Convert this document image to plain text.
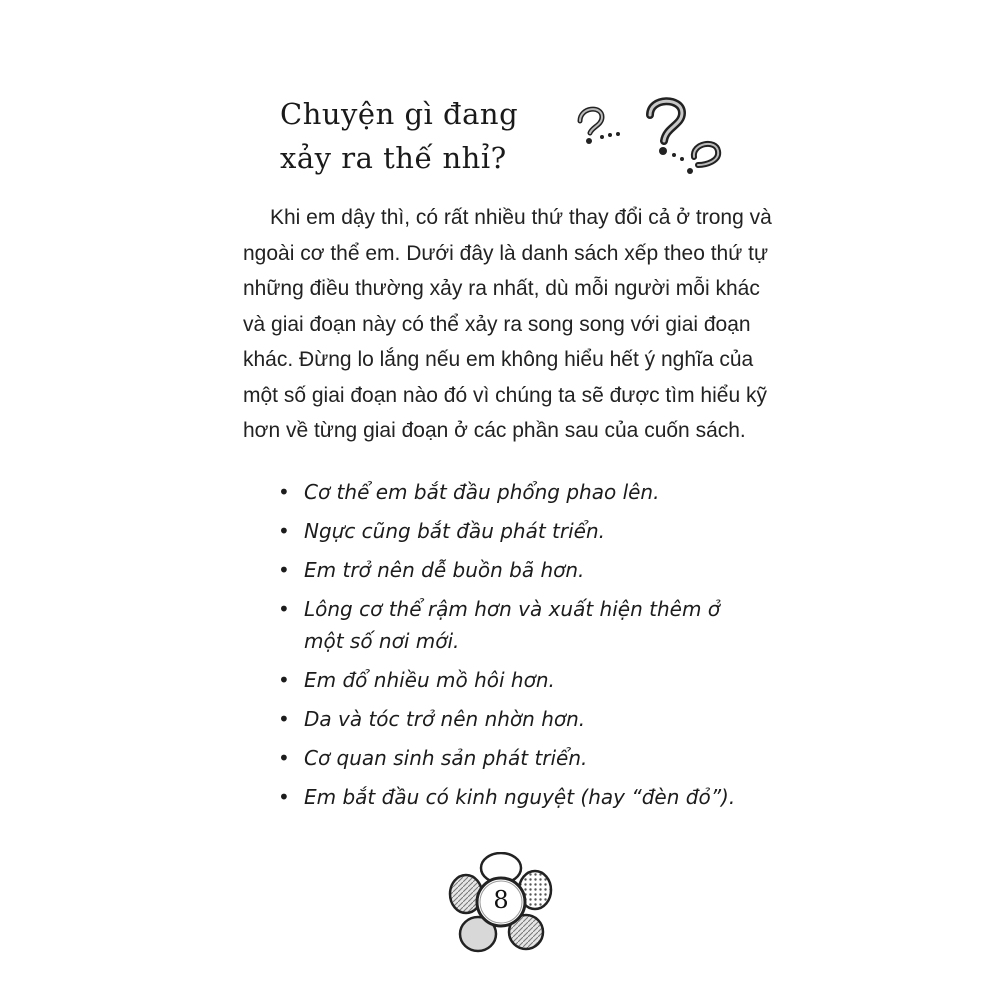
Chuyện gì đang
xảy ra thế nhỉ?

Khi em dậy thì, có rất nhiều thứ thay đổi cả ở trong và ngoài cơ thể em. Dưới đây là danh sách xếp theo thứ tự những điều thường xảy ra nhất, dù mỗi người mỗi khác và giai đoạn này có thể xảy ra song song với giai đoạn khác. Đừng lo lắng nếu em không hiểu hết ý nghĩa của một số giai đoạn nào đó vì chúng ta sẽ được tìm hiểu kỹ hơn về từng giai đoạn ở các phần sau của cuốn sách.

• Cơ thể em bắt đầu phổng phao lên.
• Ngực cũng bắt đầu phát triển.
• Em trở nên dễ buồn bã hơn.
• Lông cơ thể rậm hơn và xuất hiện thêm ở một số nơi mới.
• Em đổ nhiều mồ hôi hơn.
• Da và tóc trở nên nhờn hơn.
• Cơ quan sinh sản phát triển.
• Em bắt đầu có kinh nguyệt (hay “đèn đỏ”).
8
